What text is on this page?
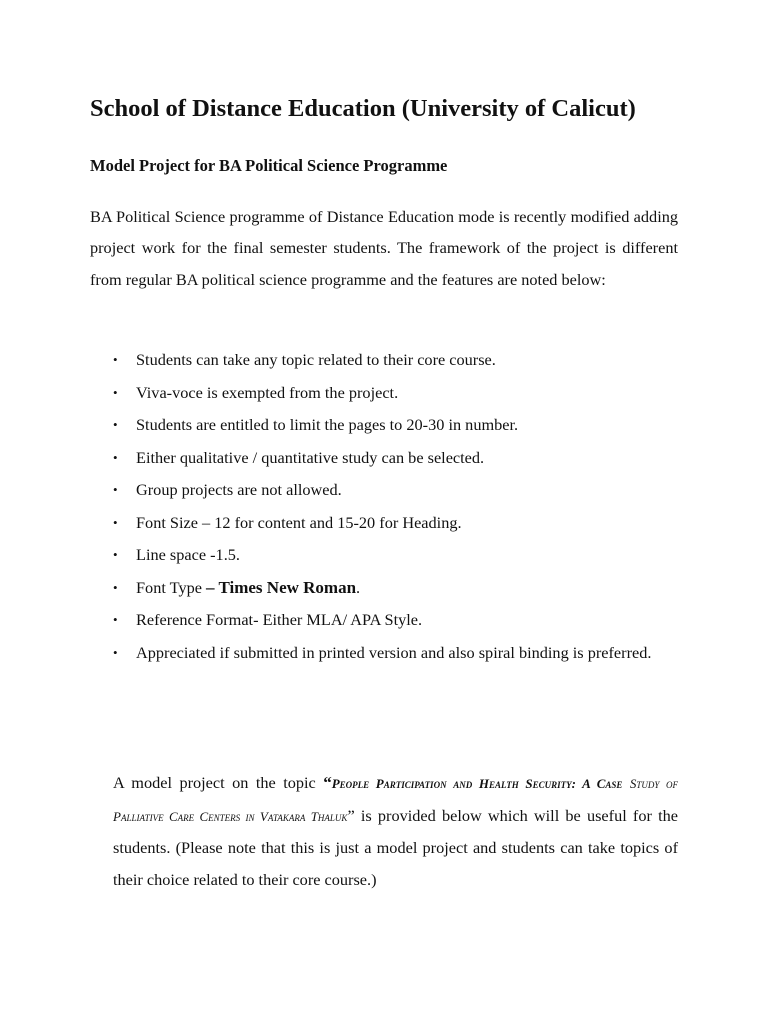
School of Distance Education (University of Calicut)
Model Project for BA Political Science Programme

BA Political Science programme of Distance Education mode is recently modified adding project work for the final semester students. The framework of the project is different from regular BA political science programme and the features are noted below:

• Students can take any topic related to their core course.
• Viva-voce is exempted from the project.
• Students are entitled to limit the pages to 20-30 in number.
• Either qualitative / quantitative study can be selected.
• Group projects are not allowed.
• Font Size – 12 for content and 15-20 for Heading.
• Line space -1.5.
• Font Type – Times New Roman.
• Reference Format- Either MLA/ APA Style.
• Appreciated if submitted in printed version and also spiral binding is preferred.

A model project on the topic “People Participation and Health Security: A Case Study of Palliative Care Centers in Vatakara Thaluk” is provided below which will be useful for the students. (Please note that this is just a model project and students can take topics of their choice related to their core course.)
